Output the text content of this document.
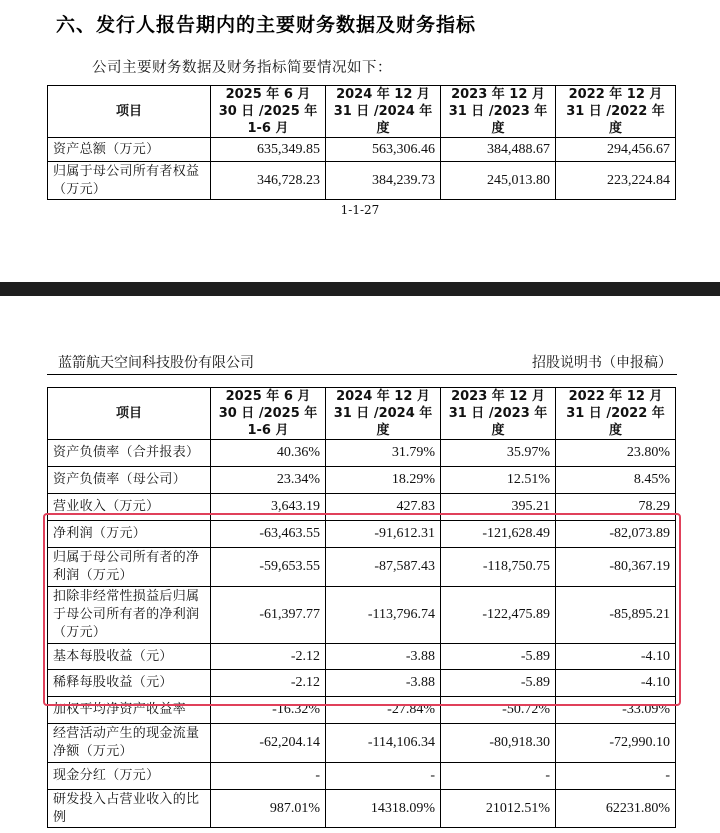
六、发行人报告期内的主要财务数据及财务指标
公司主要财务数据及财务指标简要情况如下：
项目	2025 年 6 月 30 日 /2025 年 1-6 月	2024 年 12 月 31 日 /2024 年度	2023 年 12 月 31 日 /2023 年度	2022 年 12 月 31 日 /2022 年度
资产总额（万元）	635,349.85	563,306.46	384,488.67	294,456.67
归属于母公司所有者权益（万元）	346,728.23	384,239.73	245,013.80	223,224.84
1-1-27
蓝箭航天空间科技股份有限公司	招股说明书（申报稿）
项目	2025 年 6 月 30 日 /2025 年 1-6 月	2024 年 12 月 31 日 /2024 年度	2023 年 12 月 31 日 /2023 年度	2022 年 12 月 31 日 /2022 年度
资产负债率（合并报表）	40.36%	31.79%	35.97%	23.80%
资产负债率（母公司）	23.34%	18.29%	12.51%	8.45%
营业收入（万元）	3,643.19	427.83	395.21	78.29
净利润（万元）	-63,463.55	-91,612.31	-121,628.49	-82,073.89
归属于母公司所有者的净利润（万元）	-59,653.55	-87,587.43	-118,750.75	-80,367.19
扣除非经常性损益后归属于母公司所有者的净利润（万元）	-61,397.77	-113,796.74	-122,475.89	-85,895.21
基本每股收益（元）	-2.12	-3.88	-5.89	-4.10
稀释每股收益（元）	-2.12	-3.88	-5.89	-4.10
加权平均净资产收益率	-16.32%	-27.84%	-50.72%	-33.09%
经营活动产生的现金流量净额（万元）	-62,204.14	-114,106.34	-80,918.30	-72,990.10
现金分红（万元）	-	-	-	-
研发投入占营业收入的比例	987.01%	14318.09%	21012.51%	62231.80%
